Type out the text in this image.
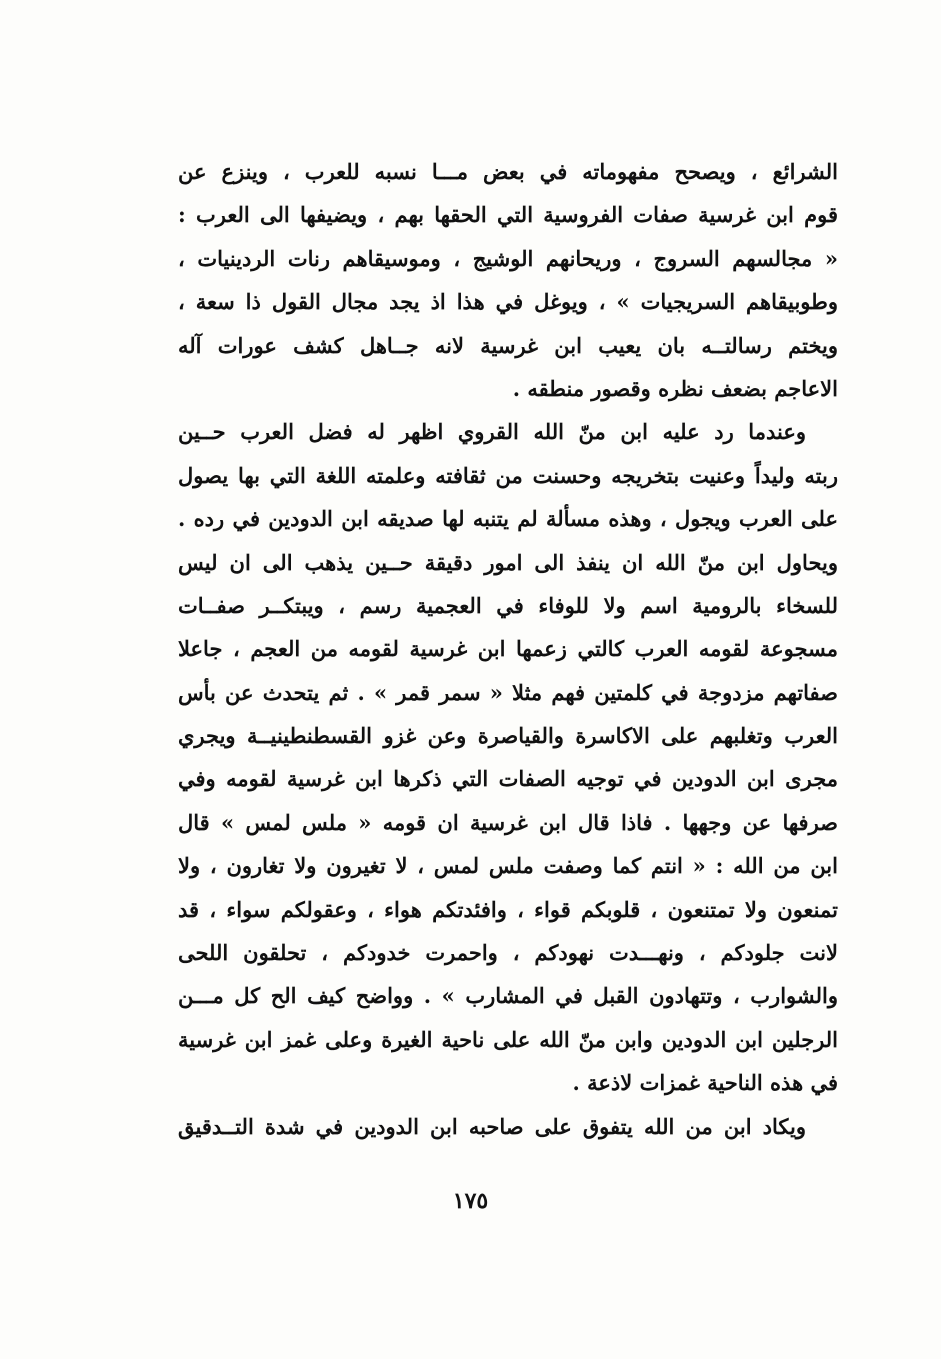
الشرائع ، ويصحح مفهوماته في بعض مـــا نسبه للعرب ، وينزع عن
قوم ابن غرسية صفات الفروسية التي الحقها بهم ، ويضيفها الى العرب :
« مجالسهم السروج ، وريحانهم الوشيج ، وموسيقاهم رنات الردينيات ،
وطوبيقاهم السريجيات » ، ويوغل في هذا اذ يجد مجال القول ذا سعة ،
ويختم رسالتــه بان يعيب ابن غرسية لانه جـ‍ـاهل كشف عورات آله
الاعاجم بضعف نظره وقصور منطقه .
وعندما رد عليه ابن منّ الله القروي اظهر له فضل العرب حــين
ربته وليداً وعنيت بتخريجه وحسنت من ثقافته وعلمته اللغة التي بها يصول
على العرب ويجول ، وهذه مسألة لم يتنبه لها صديقه ابن الدودين في رده .
ويحاول ابن منّ الله ان ينفذ الى امور دقيقة حــين يذهب الى ان ليس
للسخاء بالرومية اسم ولا للوفاء في العجمية رسم ، ويبتكــر صفــات
مسجوعة لقومه العرب كالتي زعمها ابن غرسية لقومه من العجم ، جاعلا
صفاتهم مزدوجة في كلمتين فهم مثلا « سمر قمر » . ثم يتحدث عن بأس
العرب وتغلبهم على الاكاسرة والقياصرة وعن غزو القسطنطينيــة ويجري
مجرى ابن الدودين في توجيه الصفات التي ذكرها ابن غرسية لقومه وفي
صرفها عن وجهها . فاذا قال ابن غرسية ان قومه « ملس لمس » قال
ابن من الله : « انتم كما وصفت ملس لمس ، لا تغيرون ولا تغارون ، ولا
تمنعون ولا تمتنعون ، قلوبكم قواء ، وافئدتكم هواء ، وعقولكم سواء ، قد
لانت جلودكم ، ونهـــدت نهودكم ، واحمرت خدودكم ، تحلقون اللحى
والشوارب ، وتتهادون القبل في المشارب » . وواضح كيف الح كل مـــن
الرجلين ابن الدودين وابن منّ الله على ناحية الغيرة وعلى غمز ابن غرسية
في هذه الناحية غمزات لاذعة .
ويكاد ابن من الله يتفوق على صاحبه ابن الدودين في شدة التــدقيق
١٧٥
